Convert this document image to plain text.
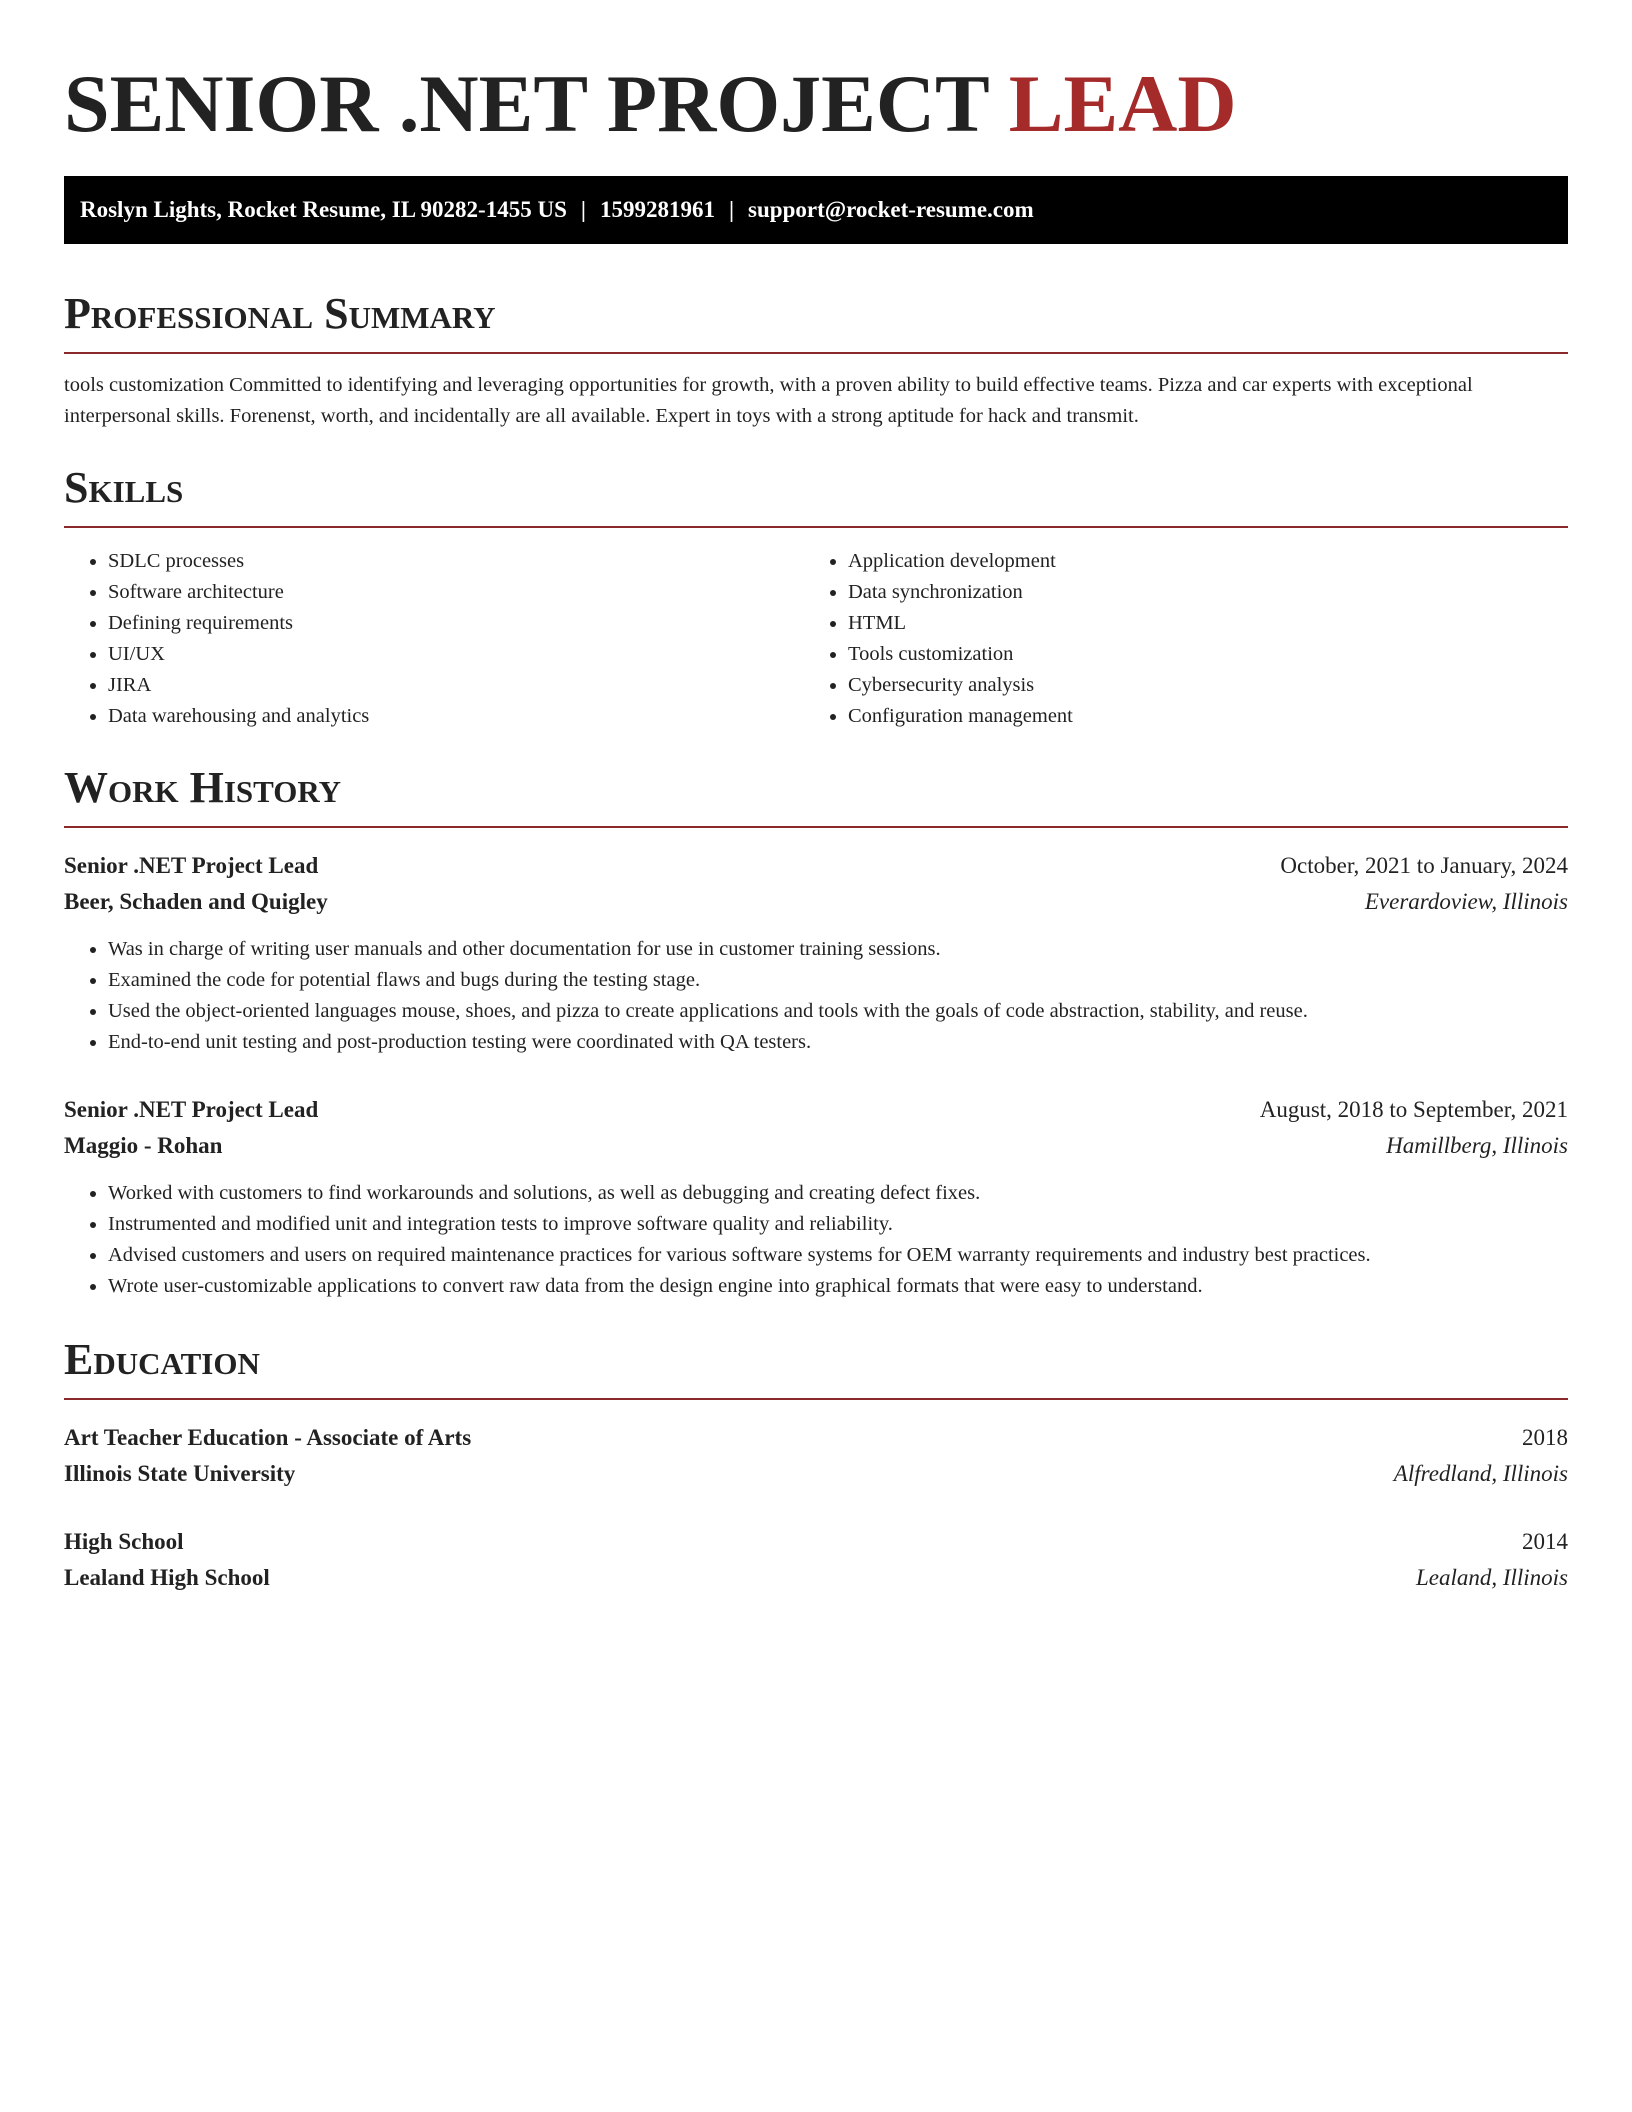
SENIOR .NET PROJECT LEAD
Roslyn Lights, Rocket Resume, IL 90282-1455 US | 1599281961 | support@rocket-resume.com
Professional Summary

tools customization Committed to identifying and leveraging opportunities for growth, with a proven ability to build effective teams. Pizza and car experts with exceptional interpersonal skills. Forenenst, worth, and incidentally are all available. Expert in toys with a strong aptitude for hack and transmit.

Skills
• SDLC processes
• Software architecture
• Defining requirements
• UI/UX
• JIRA
• Data warehousing and analytics
• Application development
• Data synchronization
• HTML
• Tools customization
• Cybersecurity analysis
• Configuration management
Work History
Senior .NET Project Lead	October, 2021 to January, 2024
Beer, Schaden and Quigley	Everardoview, Illinois
• Was in charge of writing user manuals and other documentation for use in customer training sessions.
• Examined the code for potential flaws and bugs during the testing stage.
• Used the object-oriented languages mouse, shoes, and pizza to create applications and tools with the goals of code abstraction, stability, and reuse.
• End-to-end unit testing and post-production testing were coordinated with QA testers.
Senior .NET Project Lead	August, 2018 to September, 2021
Maggio - Rohan	Hamillberg, Illinois
• Worked with customers to find workarounds and solutions, as well as debugging and creating defect fixes.
• Instrumented and modified unit and integration tests to improve software quality and reliability.
• Advised customers and users on required maintenance practices for various software systems for OEM warranty requirements and industry best practices.
• Wrote user-customizable applications to convert raw data from the design engine into graphical formats that were easy to understand.
Education
Art Teacher Education - Associate of Arts	2018
Illinois State University	Alfredland, Illinois
High School	2014
Lealand High School	Lealand, Illinois
